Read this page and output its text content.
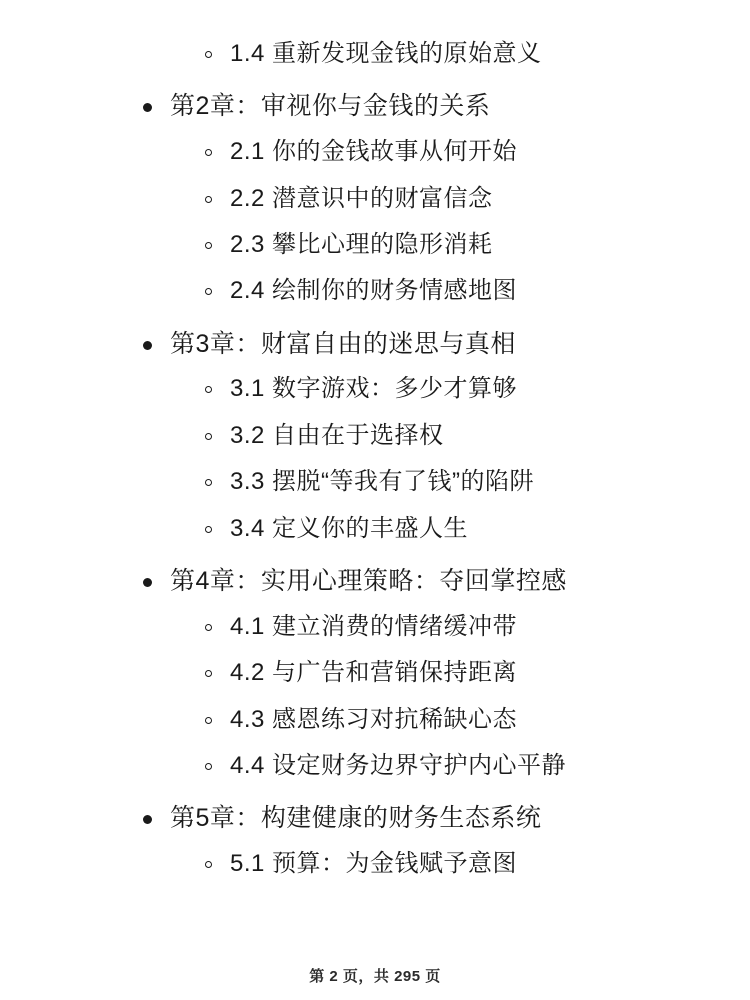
1.4 重新发现金钱的原始意义
第2章：审视你与金钱的关系
2.1 你的金钱故事从何开始
2.2 潜意识中的财富信念
2.3 攀比心理的隐形消耗
2.4 绘制你的财务情感地图
第3章：财富自由的迷思与真相
3.1 数字游戏：多少才算够
3.2 自由在于选择权
3.3 摆脱“等我有了钱”的陷阱
3.4 定义你的丰盛人生
第4章：实用心理策略：夺回掌控感
4.1 建立消费的情绪缓冲带
4.2 与广告和营销保持距离
4.3 感恩练习对抗稀缺心态
4.4 设定财务边界守护内心平静
第5章：构建健康的财务生态系统
5.1 预算：为金钱赋予意图
第 2 页，共 295 页
